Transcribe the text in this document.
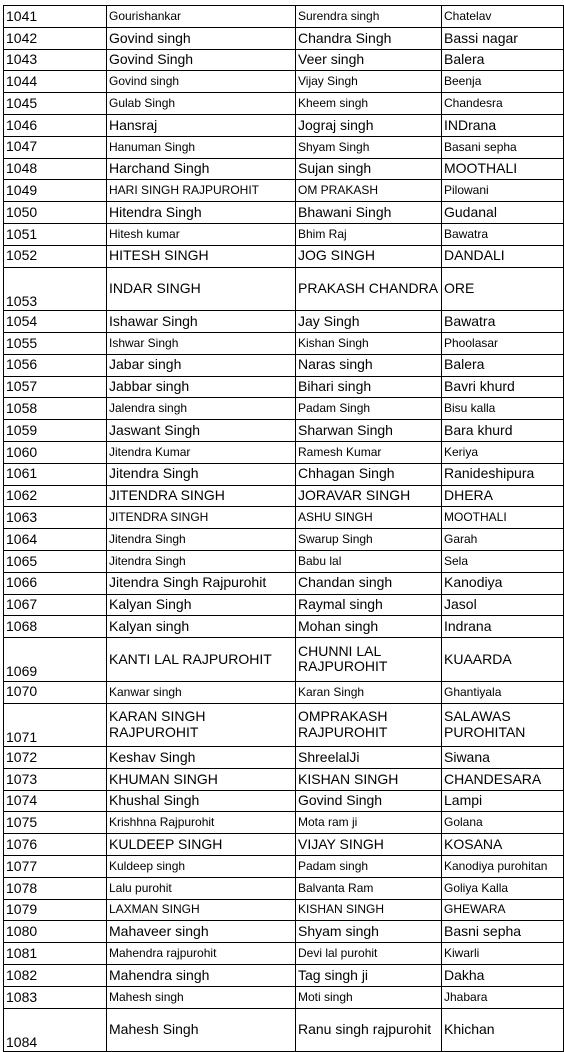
1041	Gourishankar	Surendra singh	Chatelav
1042	Govind singh	Chandra Singh	Bassi nagar
1043	Govind Singh	Veer singh	Balera
1044	Govind singh	Vijay Singh	Beenja
1045	Gulab Singh	Kheem singh	Chandesra
1046	Hansraj	Jograj singh	INDrana
1047	Hanuman Singh	Shyam Singh	Basani sepha
1048	Harchand Singh	Sujan singh	MOOTHALI
1049	HARI SINGH RAJPUROHIT	OM PRAKASH	Pilowani
1050	Hitendra Singh	Bhawani Singh	Gudanal
1051	Hitesh kumar	Bhim Raj	Bawatra
1052	HITESH SINGH	JOG SINGH	DANDALI
1053	INDAR SINGH	PRAKASH CHANDRA	ORE
1054	Ishawar Singh	Jay Singh	Bawatra
1055	Ishwar Singh	Kishan Singh	Phoolasar
1056	Jabar singh	Naras singh	Balera
1057	Jabbar singh	Bihari singh	Bavri khurd
1058	Jalendra singh	Padam Singh	Bisu kalla
1059	Jaswant Singh	Sharwan Singh	Bara khurd
1060	Jitendra Kumar	Ramesh Kumar	Keriya
1061	Jitendra Singh	Chhagan Singh	Ranideshipura
1062	JITENDRA SINGH	JORAVAR SINGH	DHERA
1063	JITENDRA SINGH	ASHU SINGH	MOOTHALI
1064	Jitendra Singh	Swarup Singh	Garah
1065	Jitendra Singh	Babu lal	Sela
1066	Jitendra Singh Rajpurohit	Chandan singh	Kanodiya
1067	Kalyan Singh	Raymal singh	Jasol
1068	Kalyan singh	Mohan singh	Indrana
1069	KANTI LAL RAJPUROHIT	CHUNNI LAL RAJPUROHIT	KUAARDA
1070	Kanwar singh	Karan Singh	Ghantiyala
1071	KARAN SINGH RAJPUROHIT	OMPRAKASH RAJPUROHIT	SALAWAS PUROHITAN
1072	Keshav Singh	ShreelalJi	Siwana
1073	KHUMAN SINGH	KISHAN SINGH	CHANDESARA
1074	Khushal Singh	Govind Singh	Lampi
1075	Krishhna Rajpurohit	Mota ram ji	Golana
1076	KULDEEP SINGH	VIJAY SINGH	KOSANA
1077	Kuldeep singh	Padam singh	Kanodiya purohitan
1078	Lalu purohit	Balvanta Ram	Goliya Kalla
1079	LAXMAN SINGH	KISHAN SINGH	GHEWARA
1080	Mahaveer singh	Shyam singh	Basni sepha
1081	Mahendra rajpurohit	Devi lal purohit	Kiwarli
1082	Mahendra singh	Tag singh ji	Dakha
1083	Mahesh singh	Moti singh	Jhabara
1084	Mahesh Singh	Ranu singh rajpurohit	Khichan
